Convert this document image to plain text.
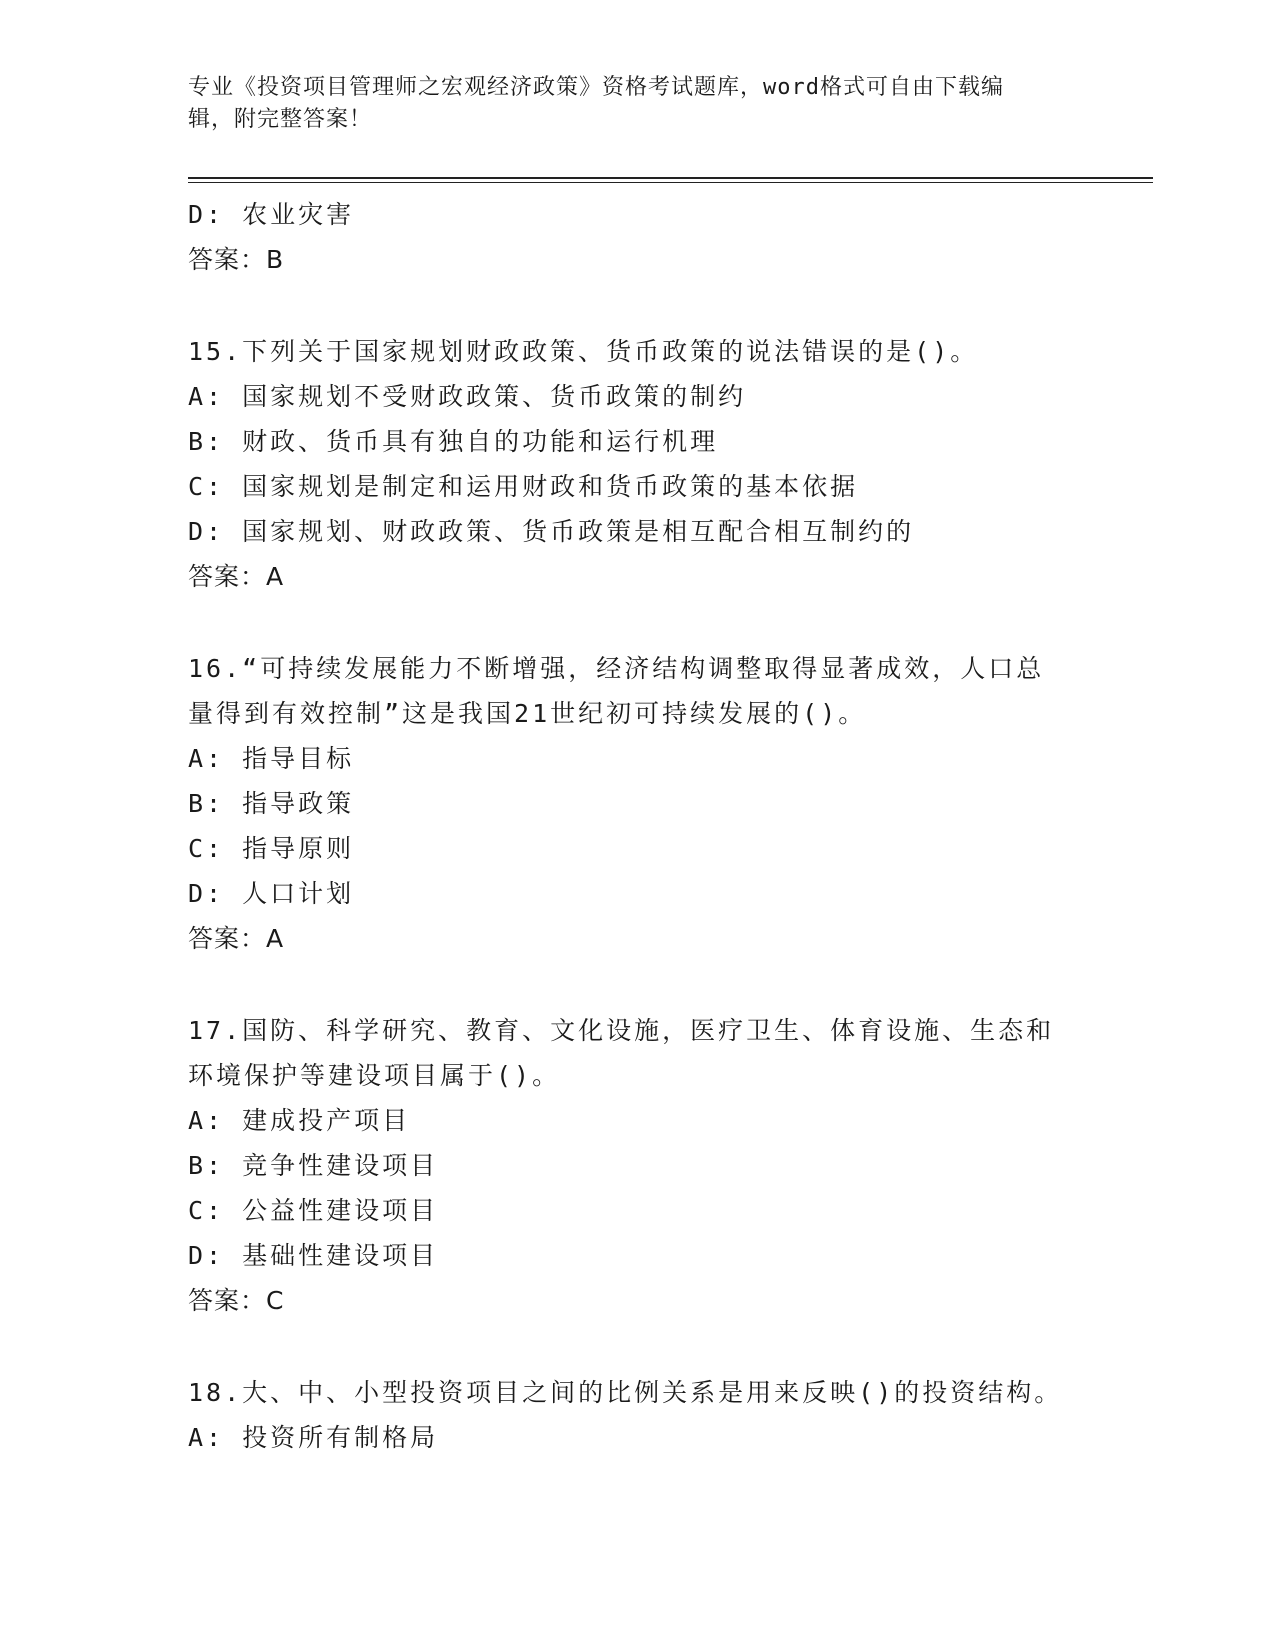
专业《投资项目管理师之宏观经济政策》资格考试题库，word格式可自由下载编
辑，附完整答案！
D: 农业灾害
答案：B
15.下列关于国家规划财政政策、货币政策的说法错误的是()。
A: 国家规划不受财政政策、货币政策的制约
B: 财政、货币具有独自的功能和运行机理
C: 国家规划是制定和运用财政和货币政策的基本依据
D: 国家规划、财政政策、货币政策是相互配合相互制约的
答案：A
16.“可持续发展能力不断增强，经济结构调整取得显著成效，人口总
量得到有效控制”这是我国21世纪初可持续发展的()。
A: 指导目标
B: 指导政策
C: 指导原则
D: 人口计划
答案：A
17.国防、科学研究、教育、文化设施，医疗卫生、体育设施、生态和
环境保护等建设项目属于()。
A: 建成投产项目
B: 竞争性建设项目
C: 公益性建设项目
D: 基础性建设项目
答案：C
18.大、中、小型投资项目之间的比例关系是用来反映()的投资结构。
A: 投资所有制格局
